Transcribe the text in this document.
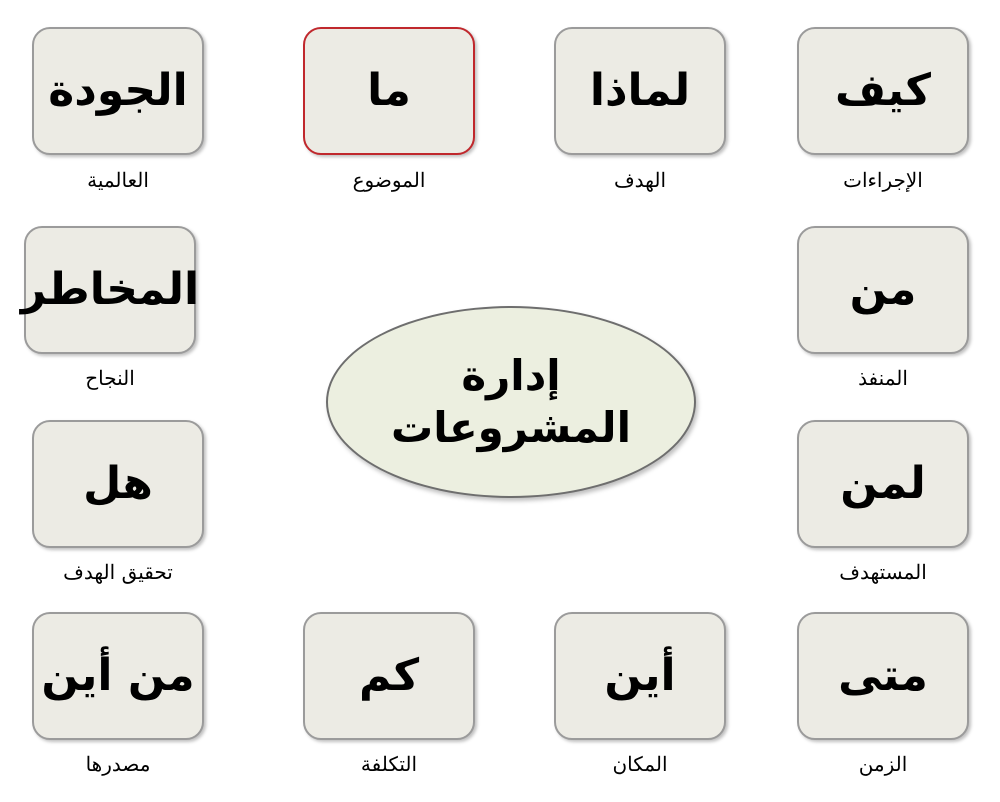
كيف
الإجراءات
لماذا
الهدف
ما
الموضوع
الجودة
العالمية
من
المنفذ
المخاطر
النجاح	إدارة
المشروعات
لمن
المستهدف
هل
تحقيق الهدف
متى
الزمن
أين
المكان
كم
التكلفة
من أين
مصدرها
